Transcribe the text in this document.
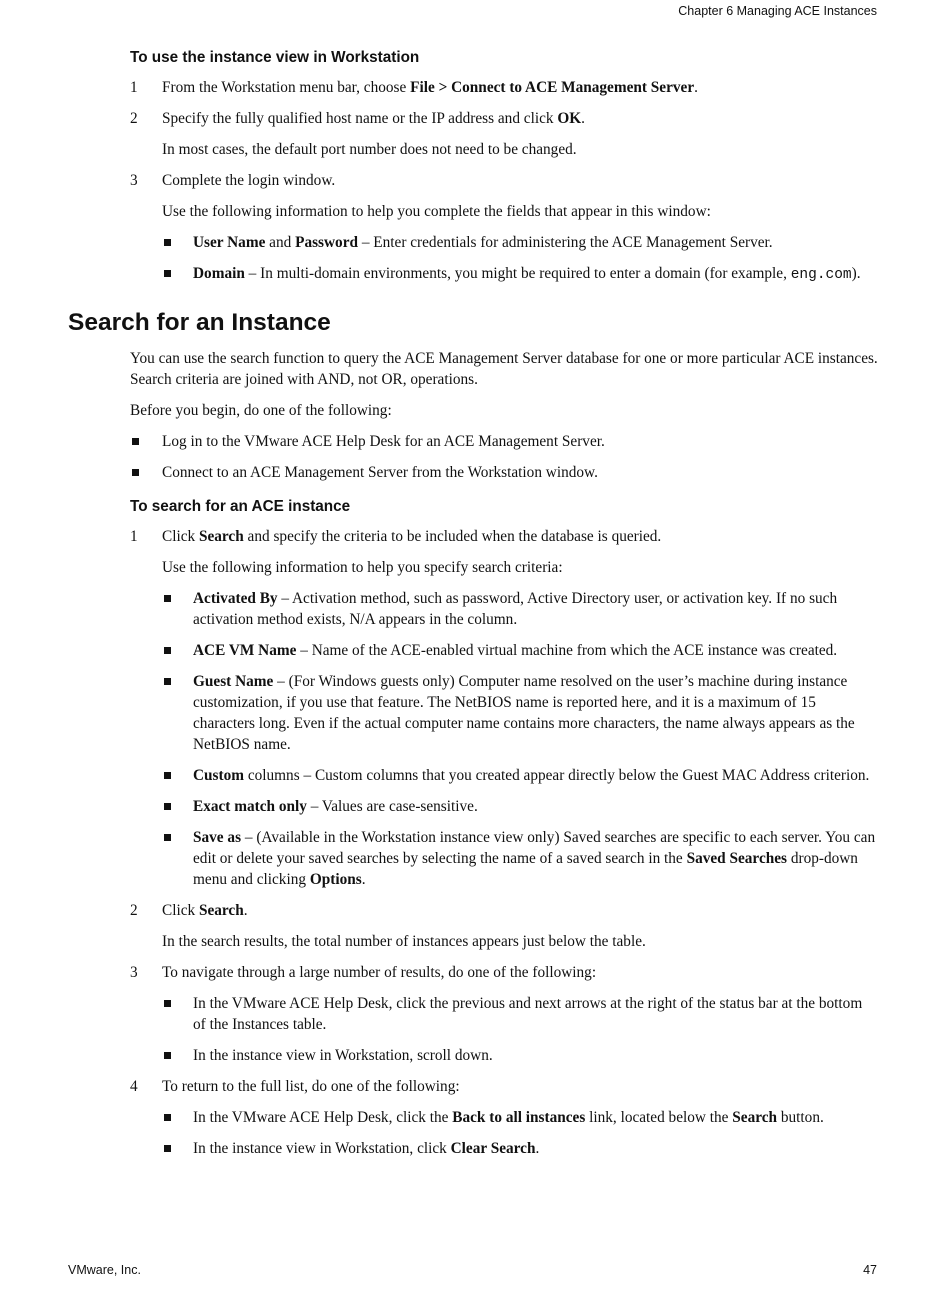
Chapter 6 Managing ACE Instances
To use the instance view in Workstation
1 From the Workstation menu bar, choose File > Connect to ACE Management Server.
2 Specify the fully qualified host name or the IP address and click OK.
In most cases, the default port number does not need to be changed.
3 Complete the login window.
Use the following information to help you complete the fields that appear in this window:
User Name and Password – Enter credentials for administering the ACE Management Server.
Domain – In multi-domain environments, you might be required to enter a domain (for example, eng.com).
Search for an Instance
You can use the search function to query the ACE Management Server database for one or more particular ACE instances. Search criteria are joined with AND, not OR, operations.
Before you begin, do one of the following:
Log in to the VMware ACE Help Desk for an ACE Management Server.
Connect to an ACE Management Server from the Workstation window.
To search for an ACE instance
1 Click Search and specify the criteria to be included when the database is queried.
Use the following information to help you specify search criteria:
Activated By – Activation method, such as password, Active Directory user, or activation key. If no such activation method exists, N/A appears in the column.
ACE VM Name – Name of the ACE-enabled virtual machine from which the ACE instance was created.
Guest Name – (For Windows guests only) Computer name resolved on the user’s machine during instance customization, if you use that feature. The NetBIOS name is reported here, and it is a maximum of 15 characters long. Even if the actual computer name contains more characters, the name always appears as the NetBIOS name.
Custom columns – Custom columns that you created appear directly below the Guest MAC Address criterion.
Exact match only – Values are case-sensitive.
Save as – (Available in the Workstation instance view only) Saved searches are specific to each server. You can edit or delete your saved searches by selecting the name of a saved search in the Saved Searches drop-down menu and clicking Options.
2 Click Search.
In the search results, the total number of instances appears just below the table.
3 To navigate through a large number of results, do one of the following:
In the VMware ACE Help Desk, click the previous and next arrows at the right of the status bar at the bottom of the Instances table.
In the instance view in Workstation, scroll down.
4 To return to the full list, do one of the following:
In the VMware ACE Help Desk, click the Back to all instances link, located below the Search button.
In the instance view in Workstation, click Clear Search.
VMware, Inc.	47
